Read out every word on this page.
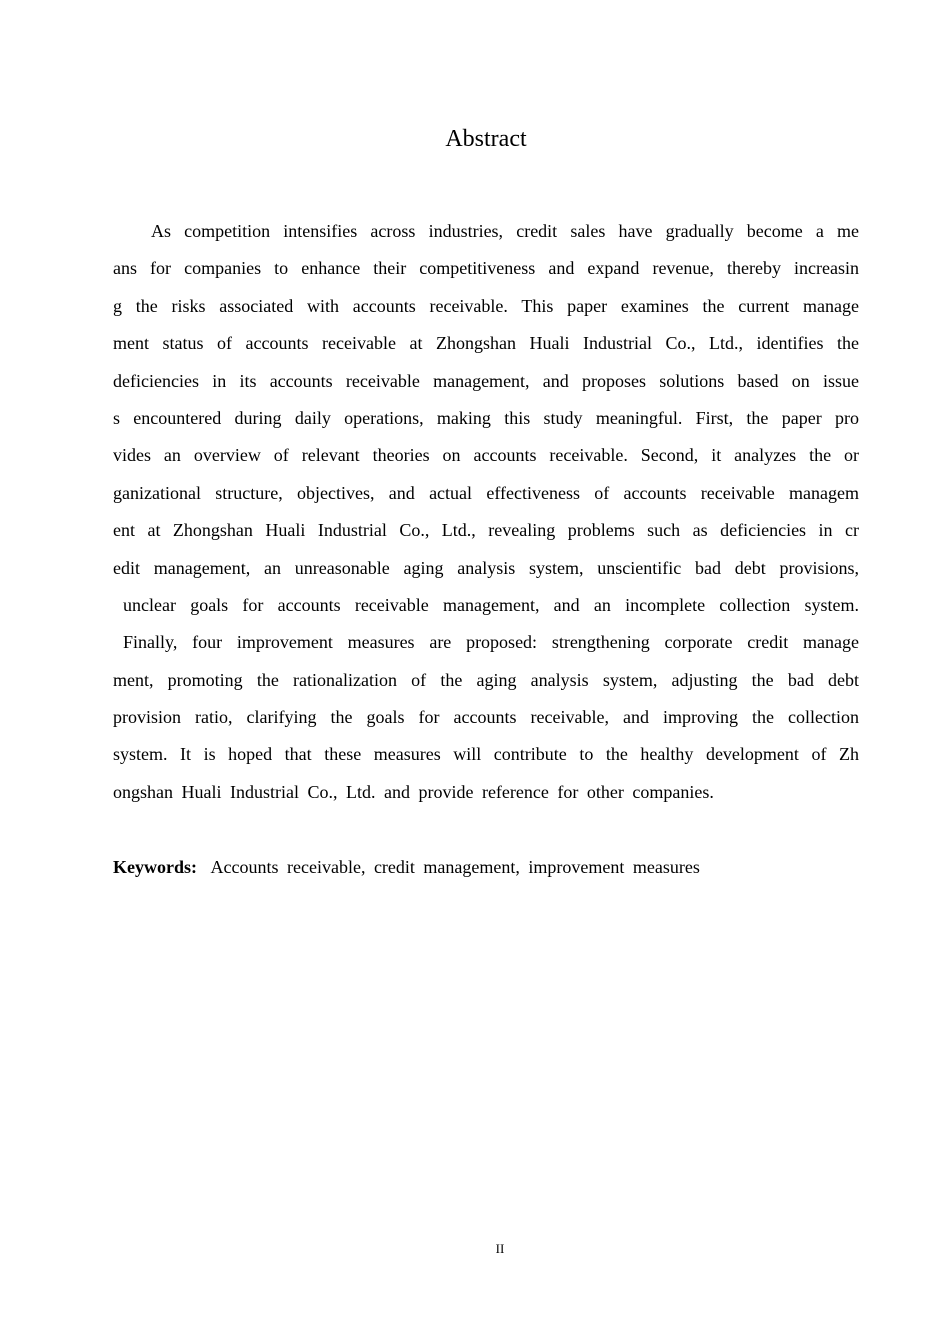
Abstract
As competition intensifies across industries, credit sales have gradually become a me
ans for companies to enhance their competitiveness and expand revenue, thereby increasin
g the risks associated with accounts receivable. This paper examines the current manage
ment status of accounts receivable at Zhongshan Huali Industrial Co., Ltd., identifies the
deficiencies in its accounts receivable management, and proposes solutions based on issue
s encountered during daily operations, making this study meaningful. First, the paper pro
vides an overview of relevant theories on accounts receivable. Second, it analyzes the or
ganizational structure, objectives, and actual effectiveness of accounts receivable managem
ent at Zhongshan Huali Industrial Co., Ltd., revealing problems such as deficiencies in cr
edit management, an unreasonable aging analysis system, unscientific bad debt provisions,
unclear goals for accounts receivable management, and an incomplete collection system.
Finally, four improvement measures are proposed: strengthening corporate credit manage
ment, promoting the rationalization of the aging analysis system, adjusting the bad debt
provision ratio, clarifying the goals for accounts receivable, and improving the collection
system. It is hoped that these measures will contribute to the healthy development of Zh
ongshan Huali Industrial Co., Ltd. and provide reference for other companies.
Keywords: Accounts receivable, credit management, improvement measures
II
